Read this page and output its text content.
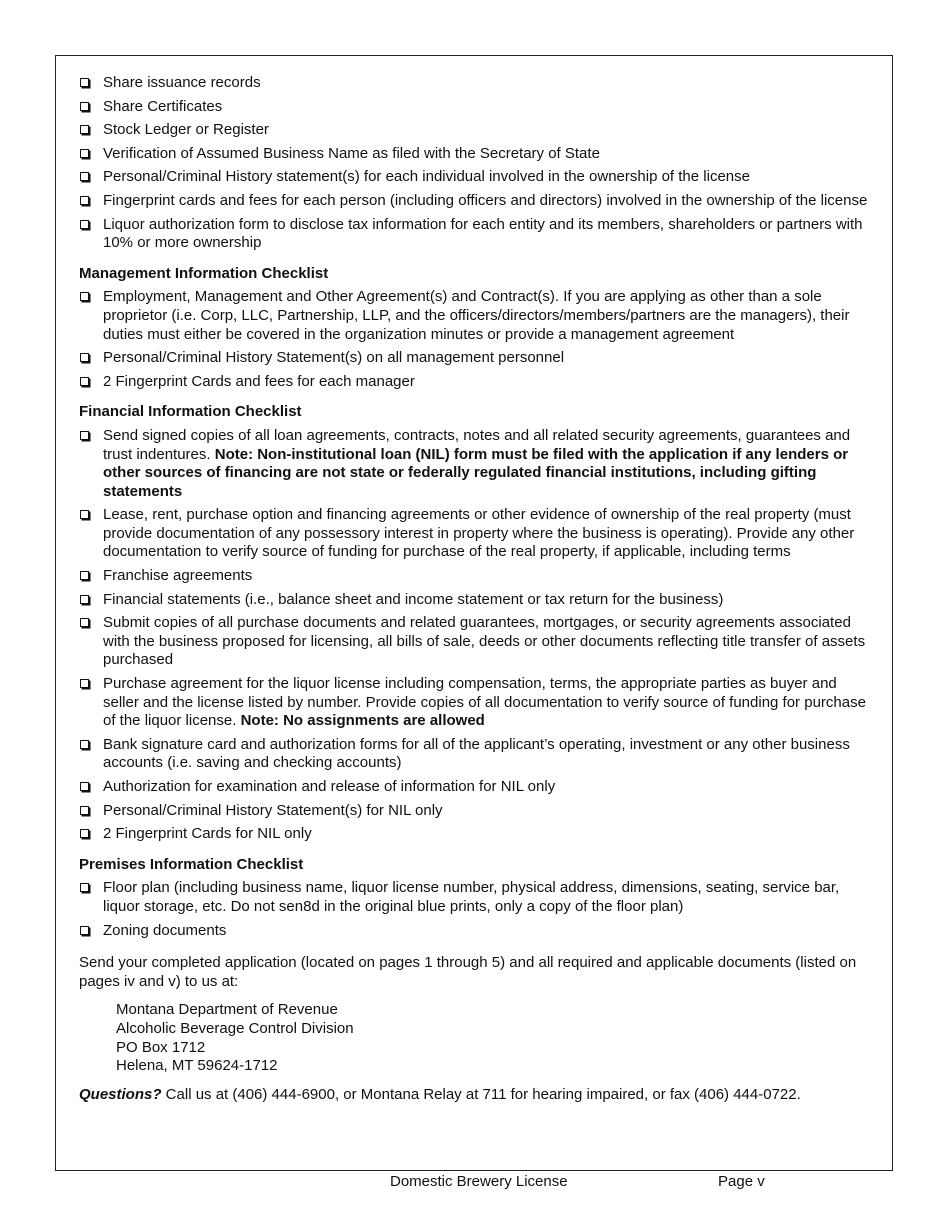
Share issuance records
Share Certificates
Stock Ledger or Register
Verification of Assumed Business Name as filed with the Secretary of State
Personal/Criminal History statement(s) for each individual involved in the ownership of the license
Fingerprint cards and fees for each person (including officers and directors) involved in the ownership of the license
Liquor authorization form to disclose tax information for each entity and its members, shareholders or partners with 10% or more ownership
Management Information Checklist
Employment, Management and Other Agreement(s) and Contract(s). If you are applying as other than a sole proprietor (i.e. Corp, LLC, Partnership, LLP, and the officers/directors/members/partners are the managers), their duties must either be covered in the organization minutes or provide a management agreement
Personal/Criminal History Statement(s) on all management personnel
2 Fingerprint Cards and fees for each manager
Financial Information Checklist
Send signed copies of all loan agreements, contracts, notes and all related security agreements, guarantees and trust indentures. Note: Non-institutional loan (NIL) form must be filed with the application if any lenders or other sources of financing are not state or federally regulated financial institutions, including gifting statements
Lease, rent, purchase option and financing agreements or other evidence of ownership of the real property (must provide documentation of any possessory interest in property where the business is operating). Provide any other documentation to verify source of funding for purchase of the real property, if applicable, including terms
Franchise agreements
Financial statements (i.e., balance sheet and income statement or tax return for the business)
Submit copies of all purchase documents and related guarantees, mortgages, or security agreements associated with the business proposed for licensing, all bills of sale, deeds or other documents reflecting title transfer of assets purchased
Purchase agreement for the liquor license including compensation, terms, the appropriate parties as buyer and seller and the license listed by number. Provide copies of all documentation to verify source of funding for purchase of the liquor license. Note: No assignments are allowed
Bank signature card and authorization forms for all of the applicant’s operating, investment or any other business accounts (i.e. saving and checking accounts)
Authorization for examination and release of information for NIL only
Personal/Criminal History Statement(s) for NIL only
2 Fingerprint Cards for NIL only
Premises Information Checklist
Floor plan (including business name, liquor license number, physical address, dimensions, seating, service bar, liquor storage, etc. Do not sen8d in the original blue prints, only a copy of the floor plan)
Zoning documents
Send your completed application (located on pages 1 through 5) and all required and applicable documents (listed on pages iv and v) to us at:
Montana Department of Revenue
Alcoholic Beverage Control Division
PO Box 1712
Helena, MT 59624-1712
Questions? Call us at (406) 444-6900, or Montana Relay at 711 for hearing impaired, or fax (406) 444-0722.
Domestic Brewery License	Page v
